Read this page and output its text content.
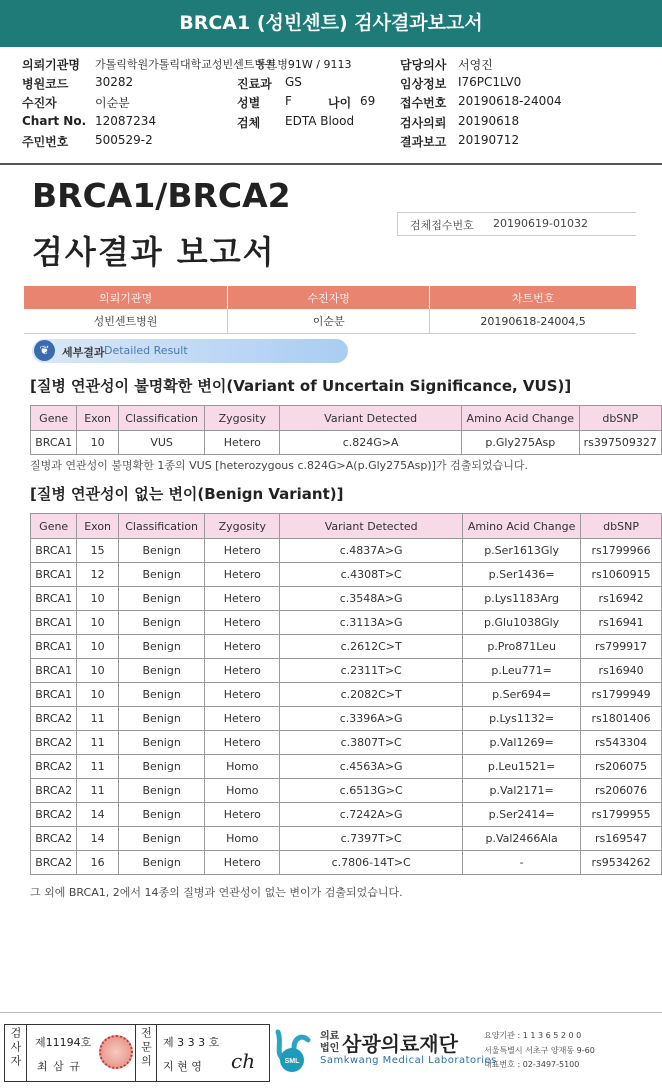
BRCA1 (성빈센트) 검사결과보고서
의뢰기관명 가톨릭학원가톨릭대학교성빈센트병원
동트병91W / 9113
병원코드 30282
수진자	이순분
Chart No. 12087234
주민번호 500529-2
진료과 GS
성별 F	나이 69
검체 EDTA Blood
담당의사 서영진
임상정보 I76PC1LV0
접수번호 20190618-24004
검사의뢰 20190618
결과보고 20190712
BRCA1/BRCA2
검사결과 보고서
검체접수번호 20190619-01032
의뢰기관명	수진자명	차트번호
성빈센트병원	이순분	20190618-24004,5
❦	세부결과 Detailed Result
[질병 연관성이 불명확한 변이(Variant of Uncertain Significance, VUS)]
Gene	Exon	Classification	Zygosity	Variant Detected	Amino Acid Change	dbSNP
BRCA1	10	VUS	Hetero	c.824G>A	p.Gly275Asp	rs397509327
질병과 연관성이 불명확한 1종의 VUS [heterozygous c.824G>A(p.Gly275Asp)]가 검출되었습니다.
[질병 연관성이 없는 변이(Benign Variant)]
Gene	Exon	Classification	Zygosity	Variant Detected	Amino Acid Change	dbSNP
BRCA1	15	Benign	Hetero	c.4837A>G	p.Ser1613Gly	rs1799966
BRCA1	12	Benign	Hetero	c.4308T>C	p.Ser1436=	rs1060915
BRCA1	10	Benign	Hetero	c.3548A>G	p.Lys1183Arg	rs16942
BRCA1	10	Benign	Hetero	c.3113A>G	p.Glu1038Gly	rs16941
BRCA1	10	Benign	Hetero	c.2612C>T	p.Pro871Leu	rs799917
BRCA1	10	Benign	Hetero	c.2311T>C	p.Leu771=	rs16940
BRCA1	10	Benign	Hetero	c.2082C>T	p.Ser694=	rs1799949
BRCA2	11	Benign	Hetero	c.3396A>G	p.Lys1132=	rs1801406
BRCA2	11	Benign	Hetero	c.3807T>C	p.Val1269=	rs543304
BRCA2	11	Benign	Homo	c.4563A>G	p.Leu1521=	rs206075
BRCA2	11	Benign	Homo	c.6513G>C	p.Val2171=	rs206076
BRCA2	14	Benign	Hetero	c.7242A>G	p.Ser2414=	rs1799955
BRCA2	14	Benign	Homo	c.7397T>C	p.Val2466Ala	rs169547
BRCA2	16	Benign	Hetero	c.7806-14T>C	-	rs9534262
그 외에 BRCA1, 2에서 14종의 질병과 연관성이 없는 변이가 검출되었습니다.
검사자	제11194호
최 삼 규	전문의 제 3 3 3 호
지 현 영 ch	SML
의료
법인 삼광의료재단
Samkwang Medical Laboratories
요양기관 : 1 1 3 6 5 2 0 0
서울특별시 서초구 양재동 9-60
대표번호 : 02-3497-5100
